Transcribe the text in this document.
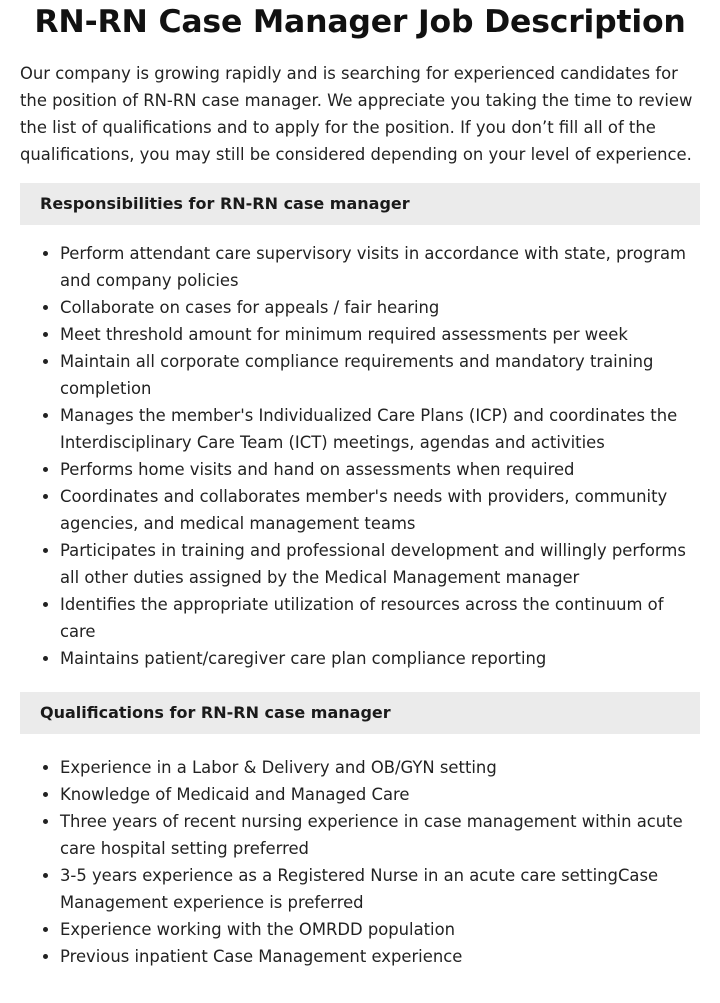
RN-RN Case Manager Job Description

Our company is growing rapidly and is searching for experienced candidates for the position of RN-RN case manager. We appreciate you taking the time to review the list of qualifications and to apply for the position. If you don’t fill all of the qualifications, you may still be considered depending on your level of experience.

Responsibilities for RN-RN case manager
• Perform attendant care supervisory visits in accordance with state, program and company policies
• Collaborate on cases for appeals / fair hearing
• Meet threshold amount for minimum required assessments per week
• Maintain all corporate compliance requirements and mandatory training completion
• Manages the member's Individualized Care Plans (ICP) and coordinates the Interdisciplinary Care Team (ICT) meetings, agendas and activities
• Performs home visits and hand on assessments when required
• Coordinates and collaborates member's needs with providers, community agencies, and medical management teams
• Participates in training and professional development and willingly performs all other duties assigned by the Medical Management manager
• Identifies the appropriate utilization of resources across the continuum of care
• Maintains patient/caregiver care plan compliance reporting
Qualifications for RN-RN case manager
• Experience in a Labor & Delivery and OB/GYN setting
• Knowledge of Medicaid and Managed Care
• Three years of recent nursing experience in case management within acute care hospital setting preferred
• 3-5 years experience as a Registered Nurse in an acute care settingCase Management experience is preferred
• Experience working with the OMRDD population
• Previous inpatient Case Management experience
